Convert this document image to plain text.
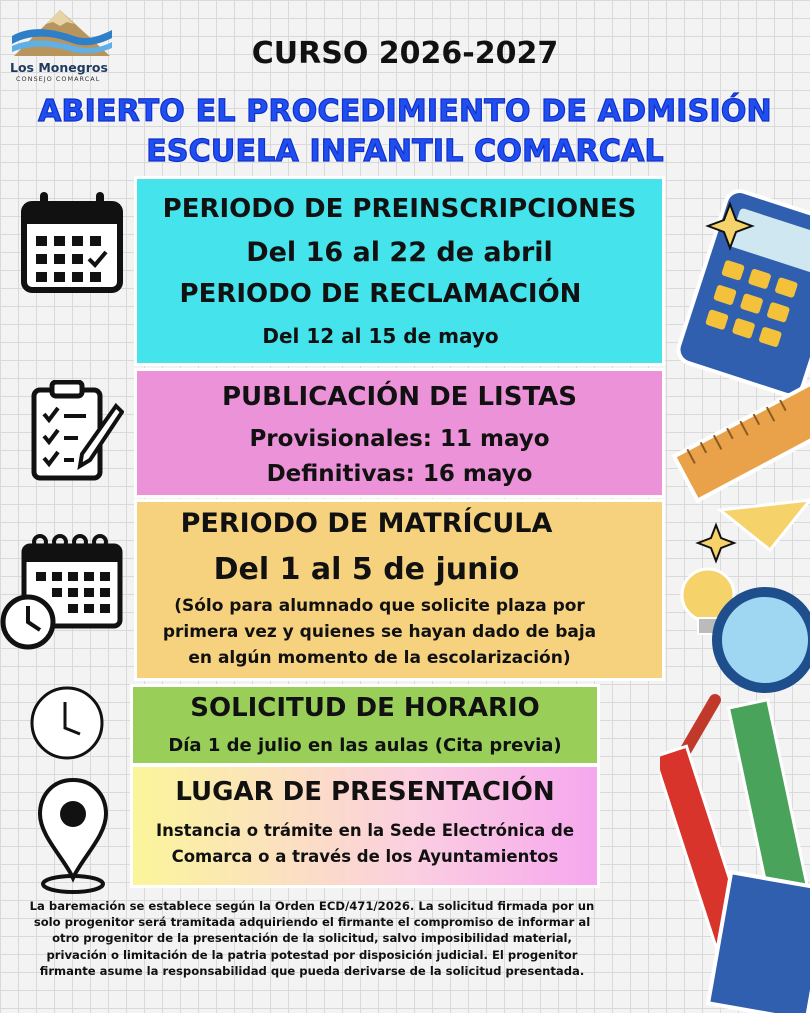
Los Monegros
CONSEJO COMARCAL
CURSO 2026-2027
ABIERTO EL PROCEDIMIENTO DE ADMISIÓN
ESCUELA INFANTIL COMARCAL
PERIODO DE PREINSCRIPCIONES
Del 16 al 22 de abril
PERIODO DE RECLAMACIÓN
Del 12 al 15 de mayo
PUBLICACIÓN DE LISTAS
Provisionales: 11 mayo
Definitivas: 16 mayo
PERIODO DE MATRÍCULA
Del 1 al 5 de junio
(Sólo para alumnado que solicite plaza por
primera vez y quienes se hayan dado de baja
en algún momento de la escolarización)
SOLICITUD DE HORARIO
Día 1 de julio en las aulas (Cita previa)
LUGAR DE PRESENTACIÓN
Instancia o trámite en la Sede Electrónica de
Comarca o a través de los Ayuntamientos
La baremación se establece según la Orden ECD/471/2026. La solicitud firmada por un
solo progenitor será tramitada adquiriendo el firmante el compromiso de informar al
otro progenitor de la presentación de la solicitud, salvo imposibilidad material,
privación o limitación de la patria potestad por disposición judicial. El progenitor
firmante asume la responsabilidad que pueda derivarse de la solicitud presentada.
